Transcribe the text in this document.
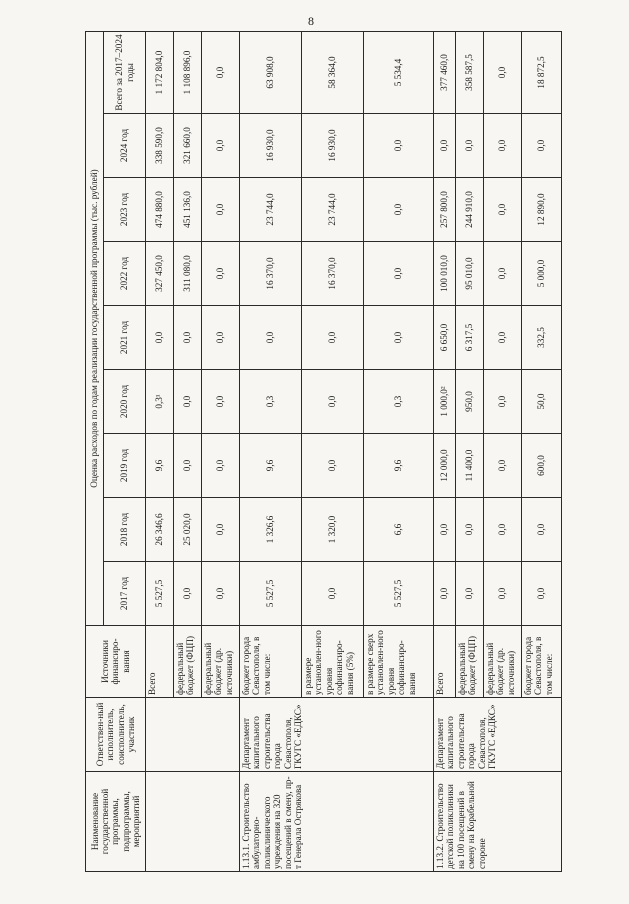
8
Наименование государственной программы, подпрограммы, мероприятий	Ответствен-ный исполнитель, соисполнитель, участник	Источники финансиро-вания	Оценка расходов по годам реализации государственной программы (тыс. рублей)								
			2017 год	2018 год	2019 год	2020 год	2021 год	2022 год	2023 год	2024 год	Всего за 2017–2024 годы
		Всего	5 527,5	26 346,6	9,6	0,3¹	0,0	327 450,0	474 880,0	338 590,0	1 172 804,0
		федеральный бюджет (ФЦП)	0,0	25 020,0	0,0	0,0	0,0	311 080,0	451 136,0	321 660,0	1 108 896,0
		федеральный бюджет (др. источники)	0,0	0,0	0,0	0,0	0,0	0,0	0,0	0,0	0,0
1.13.1. Строительство амбулаторно-поликлинического учреждения на 320 посещений в смену, пр-т Генерала Острякова	Департамент капитального строительства города Севастополя, ГКУГС «ЕДКС»	бюджет города Севастополя, в том числе:	5 527,5	1 326,6	9,6	0,3	0,0	16 370,0	23 744,0	16 930,0	63 908,0
		в размере установлен-ного уровня софинансиро-вания (5%)	0,0	1 320,0	0,0	0,0	0,0	16 370,0	23 744,0	16 930,0	58 364,0
		в размере сверх установлен-ного уровня софинансиро-вания	5 527,5	6,6	9,6	0,3	0,0	0,0	0,0	0,0	5 534,4
1.13.2. Строительство детской поликлиники на 100 посещений в смену на Корабельной стороне	Департамент капитального строительства города Севастополя, ГКУГС «ЕДКС»	Всего	0,0	0,0	12 000,0	1 000,0²	6 650,0	100 010,0	257 800,0	0,0	377 460,0
		федеральный бюджет (ФЦП)	0,0	0,0	11 400,0	950,0	6 317,5	95 010,0	244 910,0	0,0	358 587,5
		федеральный бюджет (др. источники)	0,0	0,0	0,0	0,0	0,0	0,0	0,0	0,0	0,0
		бюджет города Севастополя, в том числе:	0,0	0,0	600,0	50,0	332,5	5 000,0	12 890,0	0,0	18 872,5
